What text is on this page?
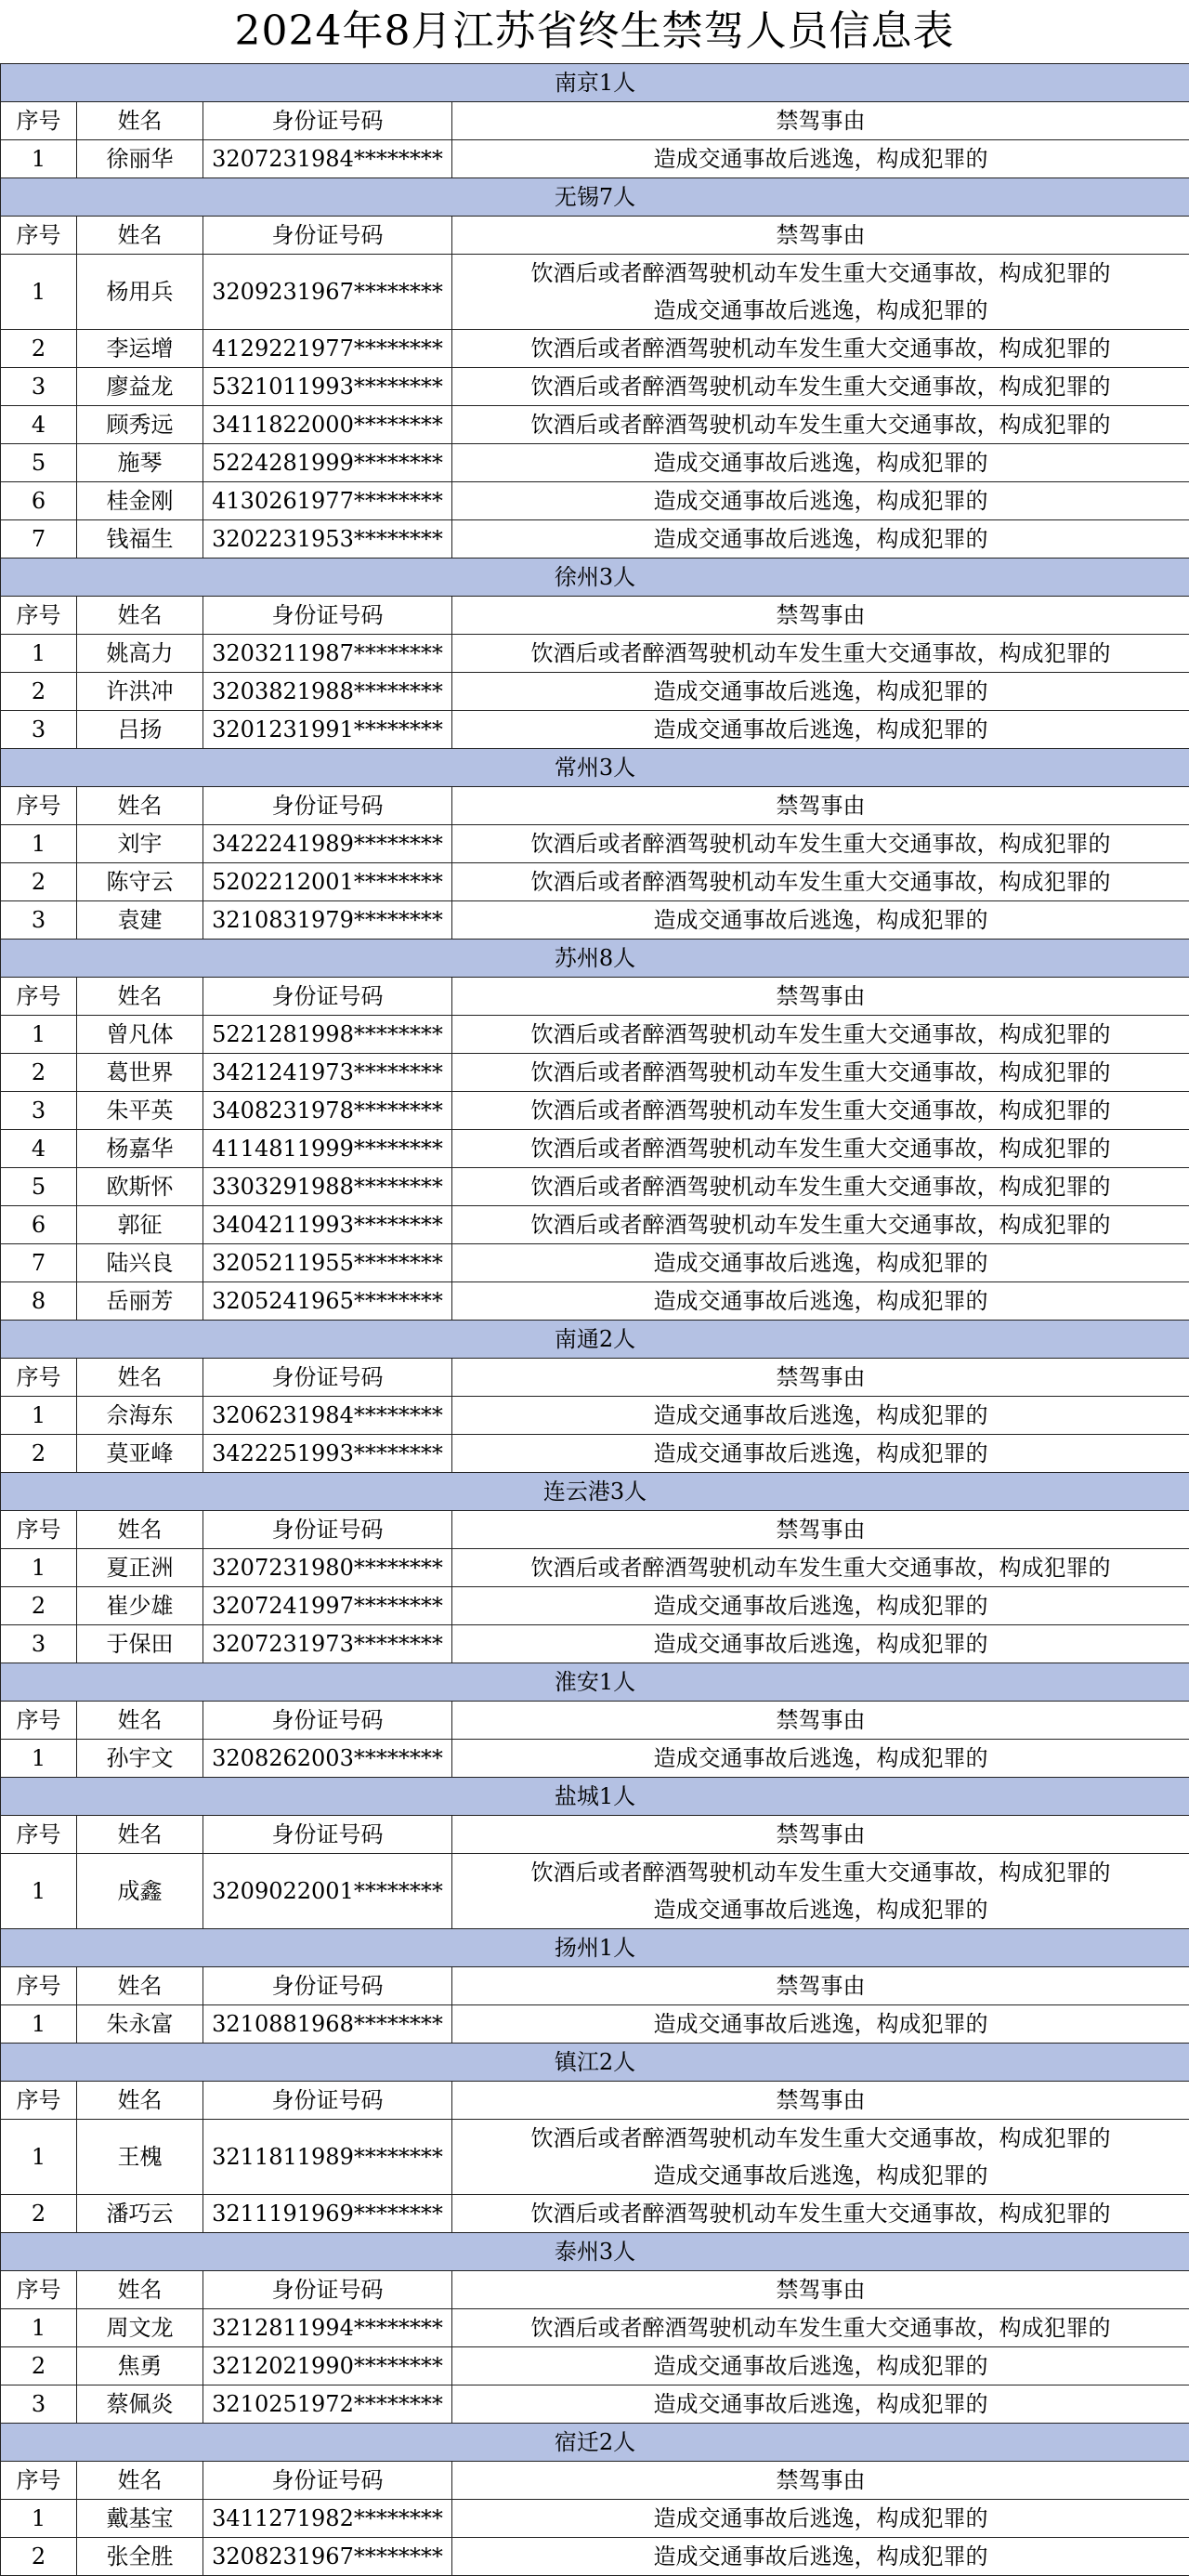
2024年8月江苏省终生禁驾人员信息表
南京1人			
序号	姓名	身份证号码	禁驾事由
1	徐丽华	3207231984********	造成交通事故后逃逸，构成犯罪的

无锡7人			
序号	姓名	身份证号码	禁驾事由
1	杨用兵	3209231967********	饮酒后或者醉酒驾驶机动车发生重大交通事故，构成犯罪的
造成交通事故后逃逸，构成犯罪的

2	李运增	4129221977********	饮酒后或者醉酒驾驶机动车发生重大交通事故，构成犯罪的

3	廖益龙	5321011993********	饮酒后或者醉酒驾驶机动车发生重大交通事故，构成犯罪的

4	顾秀远	3411822000********	饮酒后或者醉酒驾驶机动车发生重大交通事故，构成犯罪的

5	施琴	5224281999********	造成交通事故后逃逸，构成犯罪的

6	桂金刚	4130261977********	造成交通事故后逃逸，构成犯罪的

7	钱福生	3202231953********	造成交通事故后逃逸，构成犯罪的

徐州3人			
序号	姓名	身份证号码	禁驾事由
1	姚高力	3203211987********	饮酒后或者醉酒驾驶机动车发生重大交通事故，构成犯罪的

2	许洪冲	3203821988********	造成交通事故后逃逸，构成犯罪的

3	吕扬	3201231991********	造成交通事故后逃逸，构成犯罪的

常州3人			
序号	姓名	身份证号码	禁驾事由
1	刘宇	3422241989********	饮酒后或者醉酒驾驶机动车发生重大交通事故，构成犯罪的

2	陈守云	5202212001********	饮酒后或者醉酒驾驶机动车发生重大交通事故，构成犯罪的

3	袁建	3210831979********	造成交通事故后逃逸，构成犯罪的

苏州8人			
序号	姓名	身份证号码	禁驾事由
1	曾凡体	5221281998********	饮酒后或者醉酒驾驶机动车发生重大交通事故，构成犯罪的

2	葛世界	3421241973********	饮酒后或者醉酒驾驶机动车发生重大交通事故，构成犯罪的

3	朱平英	3408231978********	饮酒后或者醉酒驾驶机动车发生重大交通事故，构成犯罪的

4	杨嘉华	4114811999********	饮酒后或者醉酒驾驶机动车发生重大交通事故，构成犯罪的

5	欧斯怀	3303291988********	饮酒后或者醉酒驾驶机动车发生重大交通事故，构成犯罪的

6	郭征	3404211993********	饮酒后或者醉酒驾驶机动车发生重大交通事故，构成犯罪的

7	陆兴良	3205211955********	造成交通事故后逃逸，构成犯罪的

8	岳丽芳	3205241965********	造成交通事故后逃逸，构成犯罪的

南通2人			
序号	姓名	身份证号码	禁驾事由
1	佘海东	3206231984********	造成交通事故后逃逸，构成犯罪的

2	莫亚峰	3422251993********	造成交通事故后逃逸，构成犯罪的

连云港3人			
序号	姓名	身份证号码	禁驾事由
1	夏正洲	3207231980********	饮酒后或者醉酒驾驶机动车发生重大交通事故，构成犯罪的

2	崔少雄	3207241997********	造成交通事故后逃逸，构成犯罪的

3	于保田	3207231973********	造成交通事故后逃逸，构成犯罪的

淮安1人			
序号	姓名	身份证号码	禁驾事由
1	孙宇文	3208262003********	造成交通事故后逃逸，构成犯罪的

盐城1人			
序号	姓名	身份证号码	禁驾事由
1	成鑫	3209022001********	饮酒后或者醉酒驾驶机动车发生重大交通事故，构成犯罪的
造成交通事故后逃逸，构成犯罪的

扬州1人			
序号	姓名	身份证号码	禁驾事由
1	朱永富	3210881968********	造成交通事故后逃逸，构成犯罪的

镇江2人			
序号	姓名	身份证号码	禁驾事由
1	王槐	3211811989********	饮酒后或者醉酒驾驶机动车发生重大交通事故，构成犯罪的
造成交通事故后逃逸，构成犯罪的

2	潘巧云	3211191969********	饮酒后或者醉酒驾驶机动车发生重大交通事故，构成犯罪的

泰州3人			
序号	姓名	身份证号码	禁驾事由
1	周文龙	3212811994********	饮酒后或者醉酒驾驶机动车发生重大交通事故，构成犯罪的

2	焦勇	3212021990********	造成交通事故后逃逸，构成犯罪的

3	蔡佩炎	3210251972********	造成交通事故后逃逸，构成犯罪的

宿迁2人			
序号	姓名	身份证号码	禁驾事由
1	戴基宝	3411271982********	造成交通事故后逃逸，构成犯罪的

2	张全胜	3208231967********	造成交通事故后逃逸，构成犯罪的
